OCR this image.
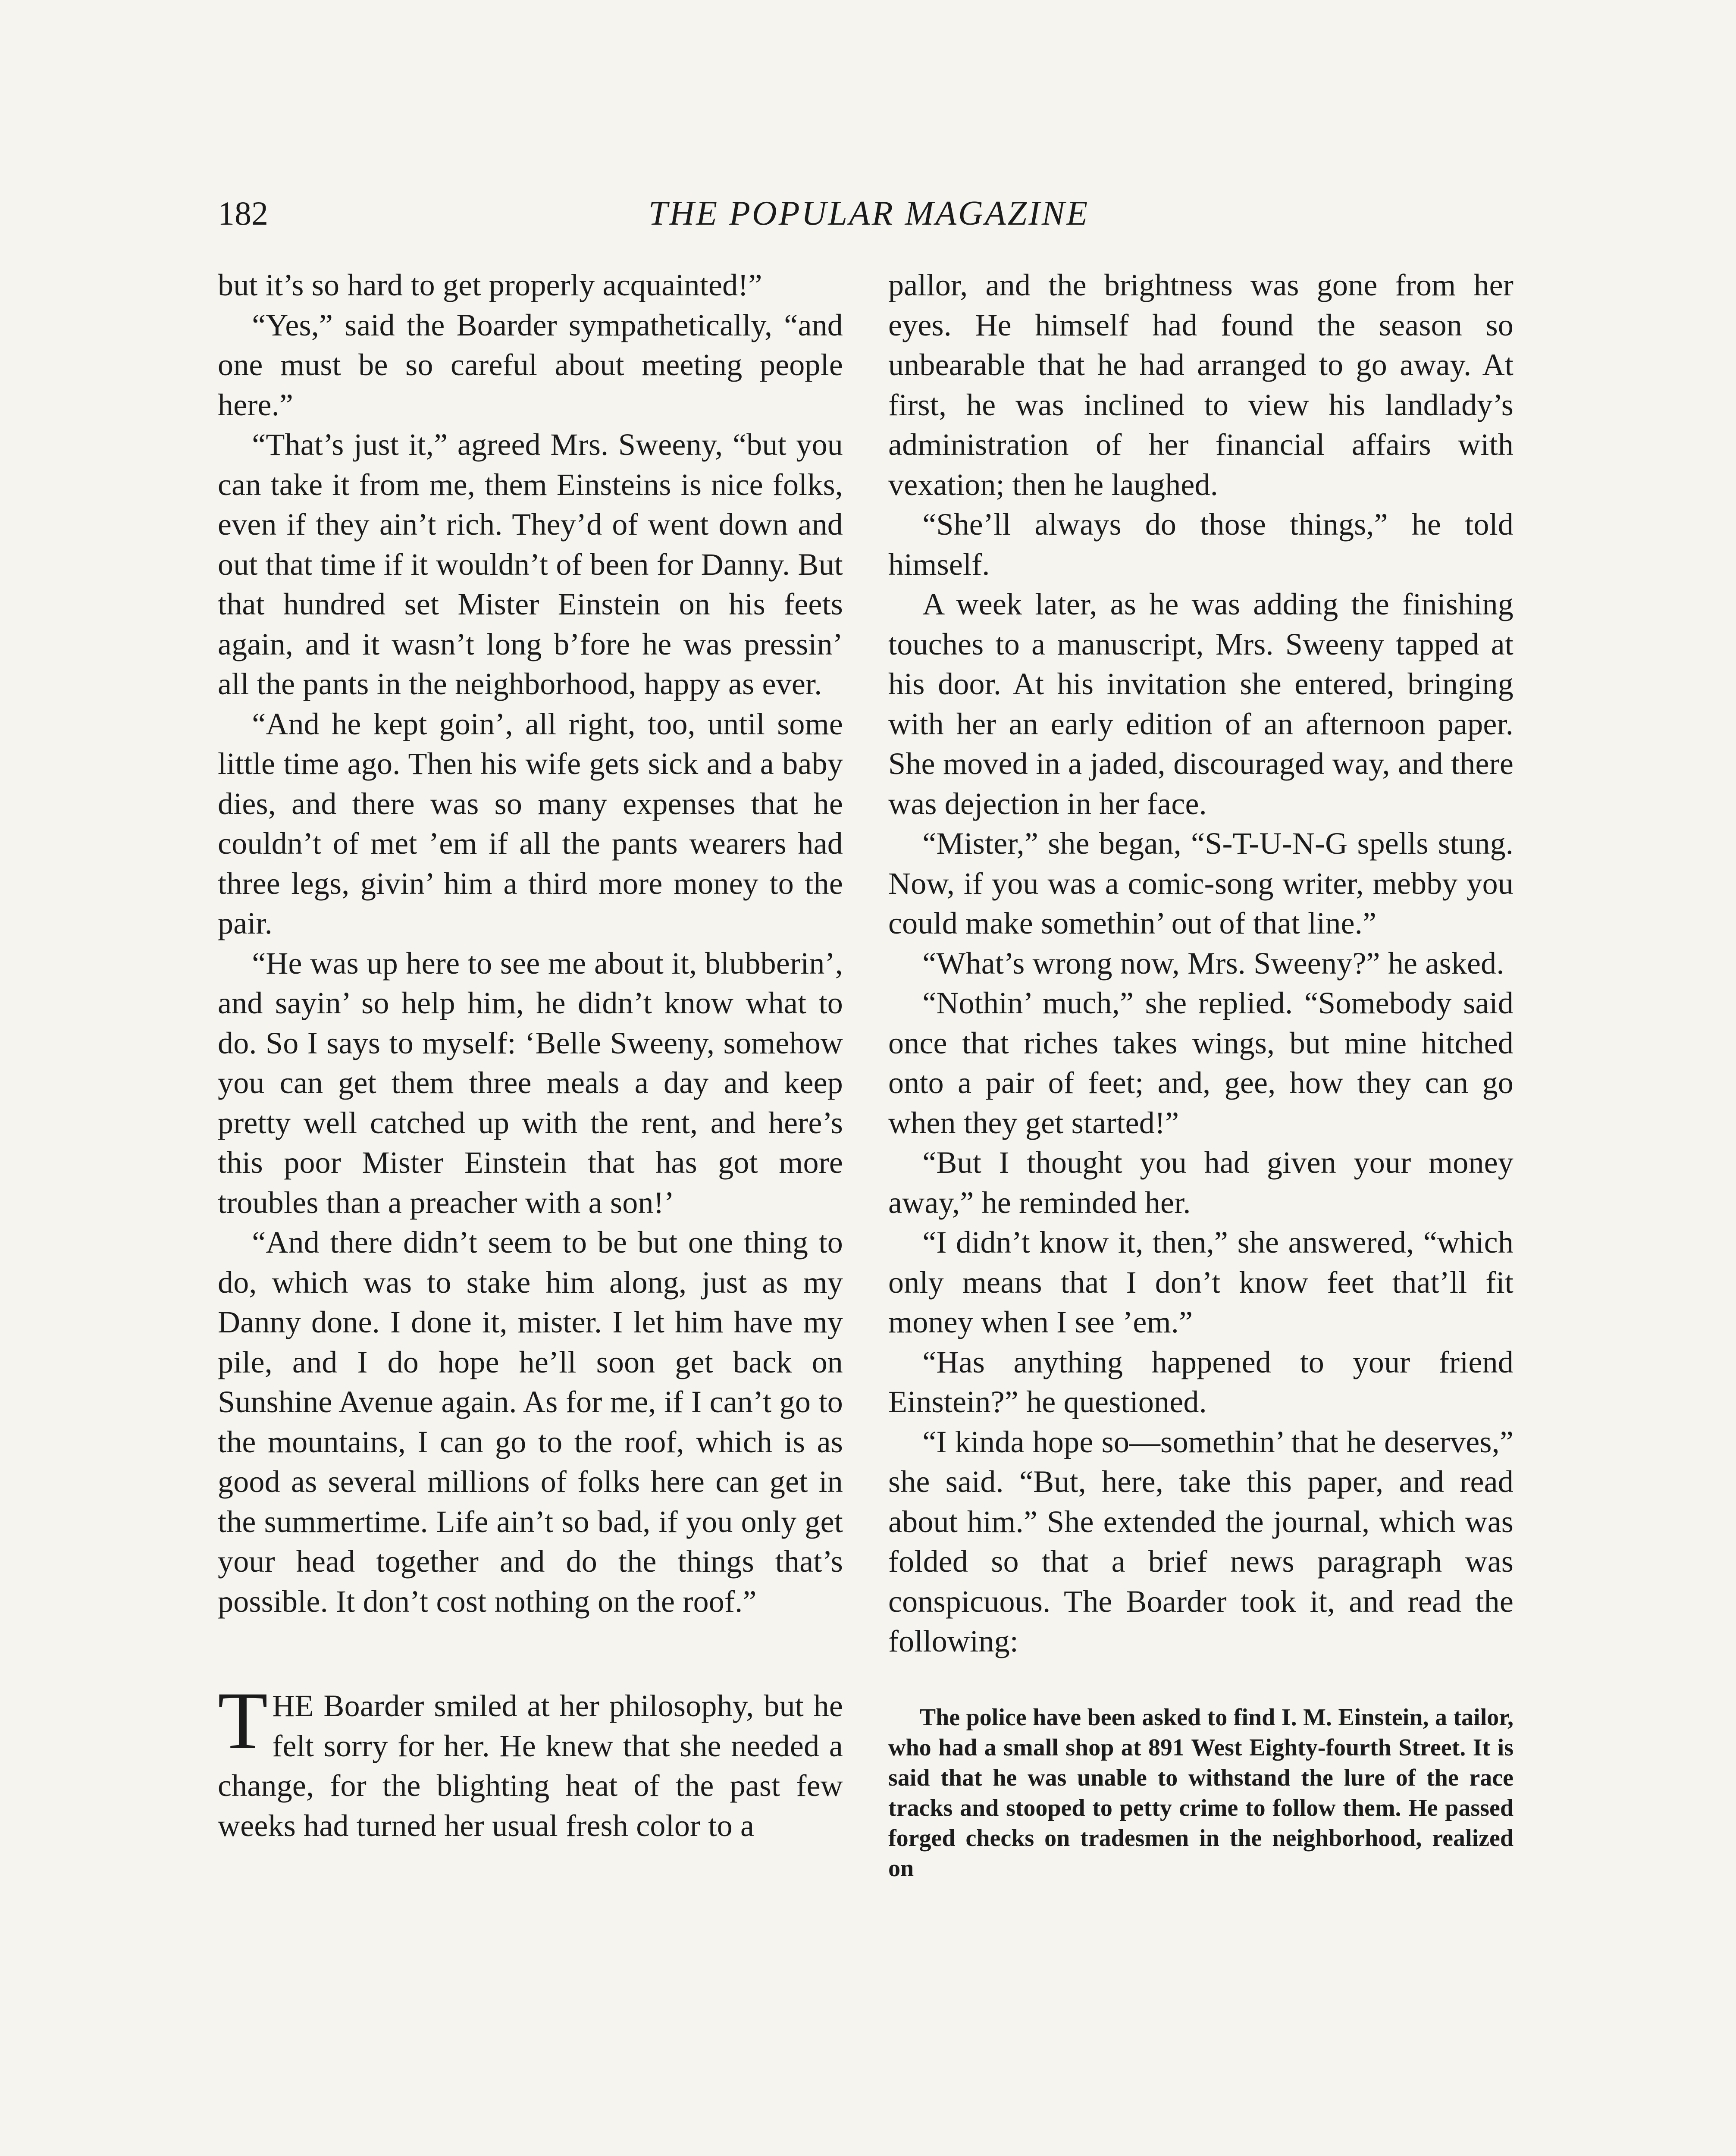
182	THE POPULAR MAGAZINE

but it’s so hard to get properly acquainted!”

“Yes,” said the Boarder sympathetically, “and one must be so careful about meeting people here.”

“That’s just it,” agreed Mrs. Sweeny, “but you can take it from me, them Einsteins is nice folks, even if they ain’t rich. They’d of went down and out that time if it wouldn’t of been for Danny. But that hundred set Mister Einstein on his feets again, and it wasn’t long b’fore he was pressin’ all the pants in the neighborhood, happy as ever.

“And he kept goin’, all right, too, until some little time ago. Then his wife gets sick and a baby dies, and there was so many expenses that he couldn’t of met ’em if all the pants wearers had three legs, givin’ him a third more money to the pair.

“He was up here to see me about it, blubberin’, and sayin’ so help him, he didn’t know what to do. So I says to myself: ‘Belle Sweeny, somehow you can get them three meals a day and keep pretty well catched up with the rent, and here’s this poor Mister Einstein that has got more troubles than a preacher with a son!’

“And there didn’t seem to be but one thing to do, which was to stake him along, just as my Danny done. I done it, mister. I let him have my pile, and I do hope he’ll soon get back on Sunshine Avenue again. As for me, if I can’t go to the mountains, I can go to the roof, which is as good as several millions of folks here can get in the summertime. Life ain’t so bad, if you only get your head together and do the things that’s possible. It don’t cost nothing on the roof.”

THE Boarder smiled at her philosophy, but he felt sorry for her. He knew that she needed a change, for the blighting heat of the past few weeks had turned her usual fresh color to a

pallor, and the brightness was gone from her eyes. He himself had found the season so unbearable that he had arranged to go away. At first, he was inclined to view his landlady’s administration of her financial affairs with vexation; then he laughed.

“She’ll always do those things,” he told himself.

A week later, as he was adding the finishing touches to a manuscript, Mrs. Sweeny tapped at his door. At his invitation she entered, bringing with her an early edition of an afternoon paper. She moved in a jaded, discouraged way, and there was dejection in her face.

“Mister,” she began, “S-T-U-N-G spells stung. Now, if you was a comic-song writer, mebby you could make somethin’ out of that line.”

“What’s wrong now, Mrs. Sweeny?” he asked.

“Nothin’ much,” she replied. “Somebody said once that riches takes wings, but mine hitched onto a pair of feet; and, gee, how they can go when they get started!”

“But I thought you had given your money away,” he reminded her.

“I didn’t know it, then,” she answered, “which only means that I don’t know feet that’ll fit money when I see ’em.”

“Has anything happened to your friend Einstein?” he questioned.

“I kinda hope so—somethin’ that he deserves,” she said. “But, here, take this paper, and read about him.” She extended the journal, which was folded so that a brief news paragraph was conspicuous. The Boarder took it, and read the following:

The police have been asked to find I. M. Einstein, a tailor, who had a small shop at 891 West Eighty-fourth Street. It is said that he was unable to withstand the lure of the race tracks and stooped to petty crime to follow them. He passed forged checks on tradesmen in the neighborhood, realized on
